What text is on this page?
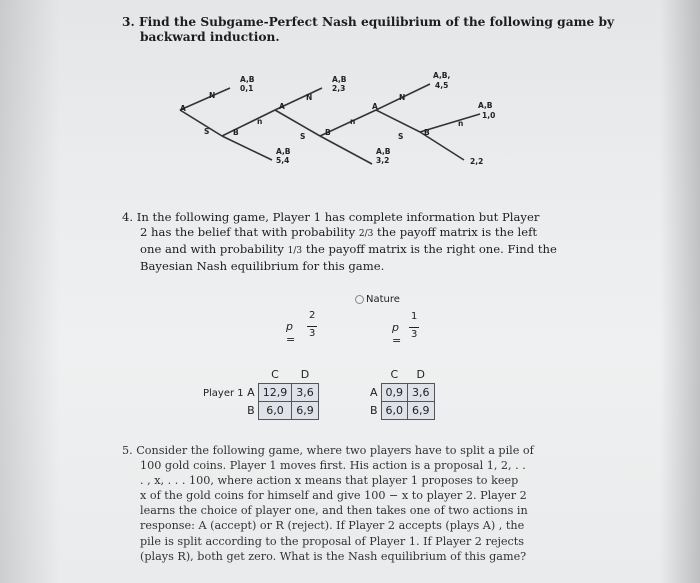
3. Find the Subgame-Perfect Nash equilibrium of the following game by
backward induction.
A
N
S	B
n
A
N
S	B
n
A
N
S	B
n
A,B
0,1
A,B
2,3
A,B,
4,5
A,B
1,0
A,B
5,4
A,B
3,2	2,2
4. In the following game, Player 1 has complete information but Player
2 has the belief that with probability 2/3 the payoff matrix is the left
one and with probability 1/3 the payoff matrix is the right one. Find the
Bayesian Nash equilibrium for this game.
Nature
p =
2
3	p =
1
3
	C	D
Player 1 A	12,9	3,6
B	6,0	6,9
	C	D
A	0,9	3,6
B	6,0	6,9
5. Consider the following game, where two players have to split a pile of
100 gold coins. Player 1 moves first. His action is a proposal 1, 2, . .
. , x, . . . 100, where action x means that player 1 proposes to keep
x of the gold coins for himself and give 100 − x to player 2. Player 2
learns the choice of player one, and then takes one of two actions in
response: A (accept) or R (reject). If Player 2 accepts (plays A) , the
pile is split according to the proposal of Player 1. If Player 2 rejects
(plays R), both get zero. What is the Nash equilibrium of this game?
